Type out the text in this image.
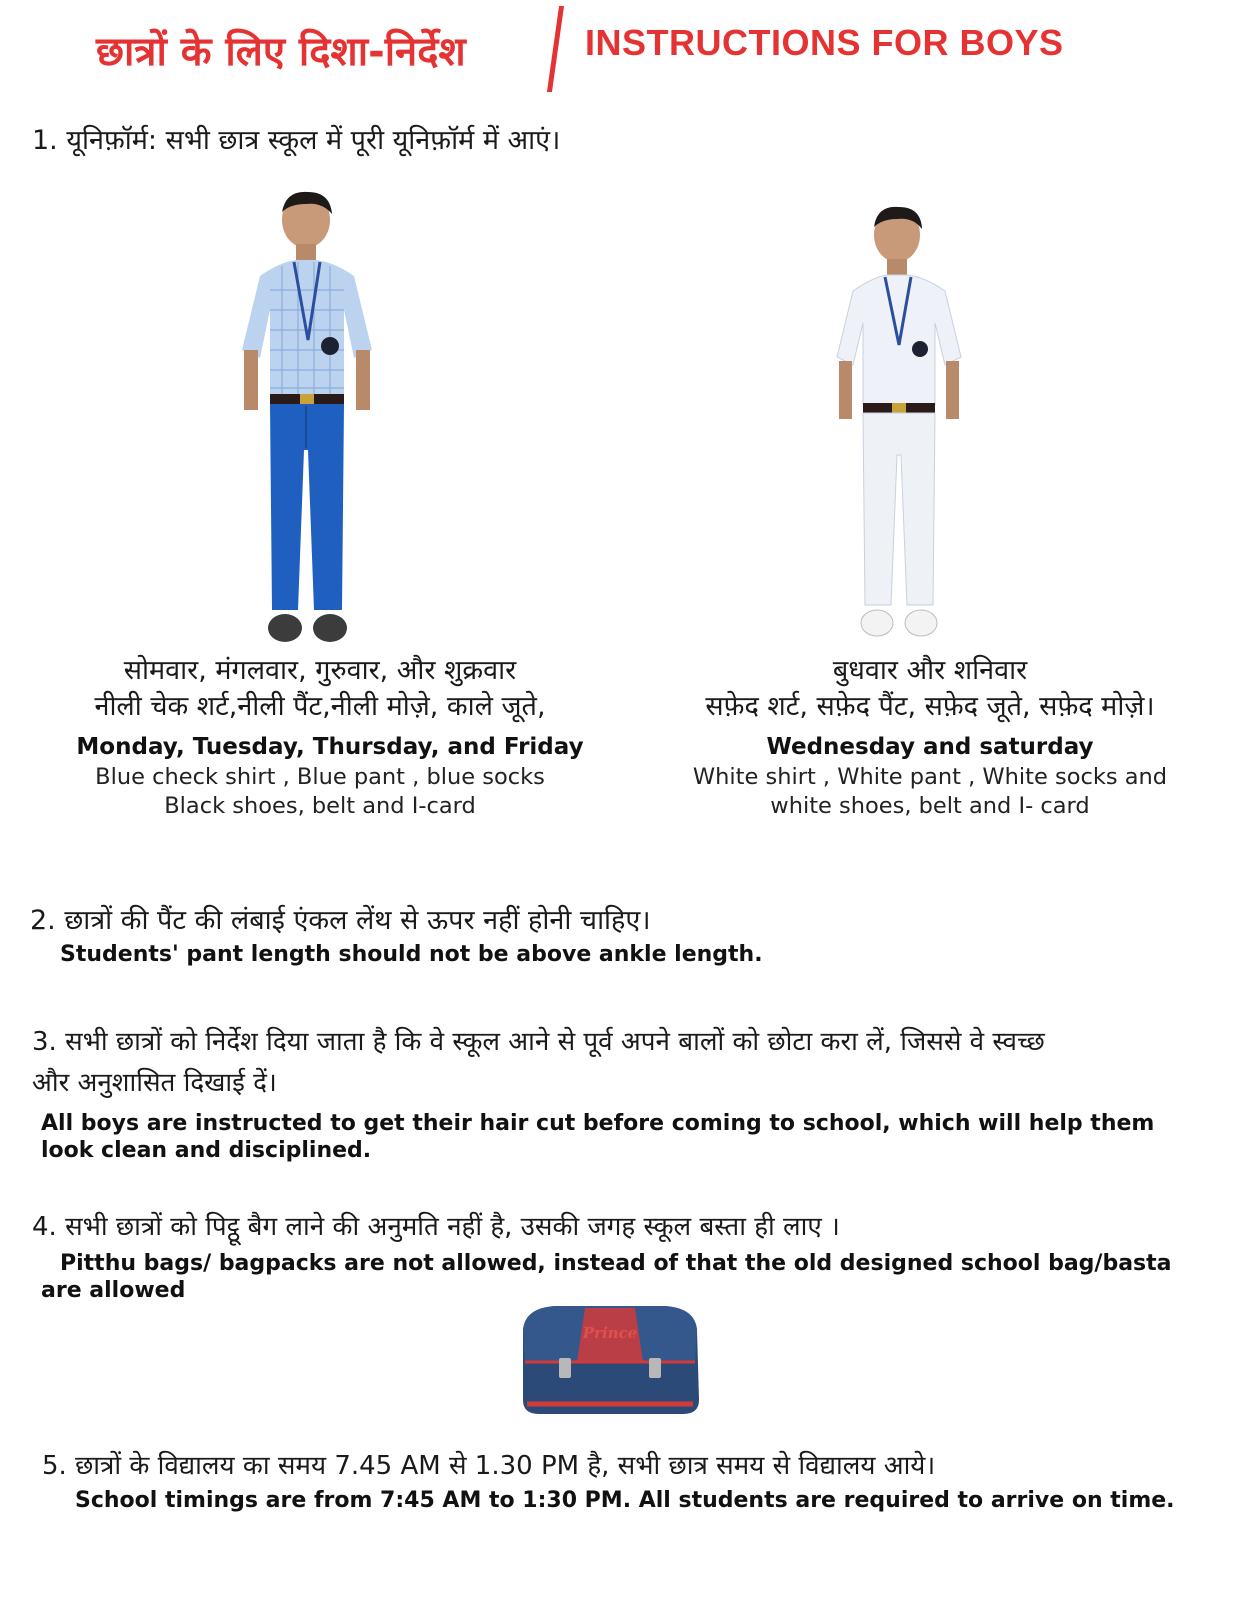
छात्रों के लिए दिशा-निर्देश	INSTRUCTIONS FOR BOYS
1. यूनिफ़ॉर्म: सभी छात्र स्कूल में पूरी यूनिफ़ॉर्म में आएं।
सोमवार, मंगलवार, गुरुवार, और शुक्रवार
नीली चेक शर्ट,नीली पैंट,नीली मोज़े, काले जूते,
Monday, Tuesday, Thursday, and Friday
Blue check shirt , Blue pant , blue socks
Black shoes, belt and I-card
बुधवार और शनिवार
सफ़ेद शर्ट, सफ़ेद पैंट, सफ़ेद जूते, सफ़ेद मोज़े।
Wednesday and saturday
White shirt , White pant , White socks and
white shoes, belt and I- card
2. छात्रों की पैंट की लंबाई एंकल लेंथ से ऊपर नहीं होनी चाहिए।
Students' pant length should not be above ankle length.
3. सभी छात्रों को निर्देश दिया जाता है कि वे स्कूल आने से पूर्व अपने बालों को छोटा करा लें, जिससे वे स्वच्छ
और अनुशासित दिखाई दें।
All boys are instructed to get their hair cut before coming to school, which will help them
look clean and disciplined.
4. सभी छात्रों को पिट्ठू बैग लाने की अनुमति नहीं है, उसकी जगह स्कूल बस्ता ही लाए ।
Pitthu bags/ bagpacks are not allowed, instead of that the old designed school bag/basta
are allowed
Prince
5. छात्रों के विद्यालय का समय 7.45 AM से 1.30 PM है, सभी छात्र समय से विद्यालय आये।
School timings are from 7:45 AM to 1:30 PM. All students are required to arrive on time.
